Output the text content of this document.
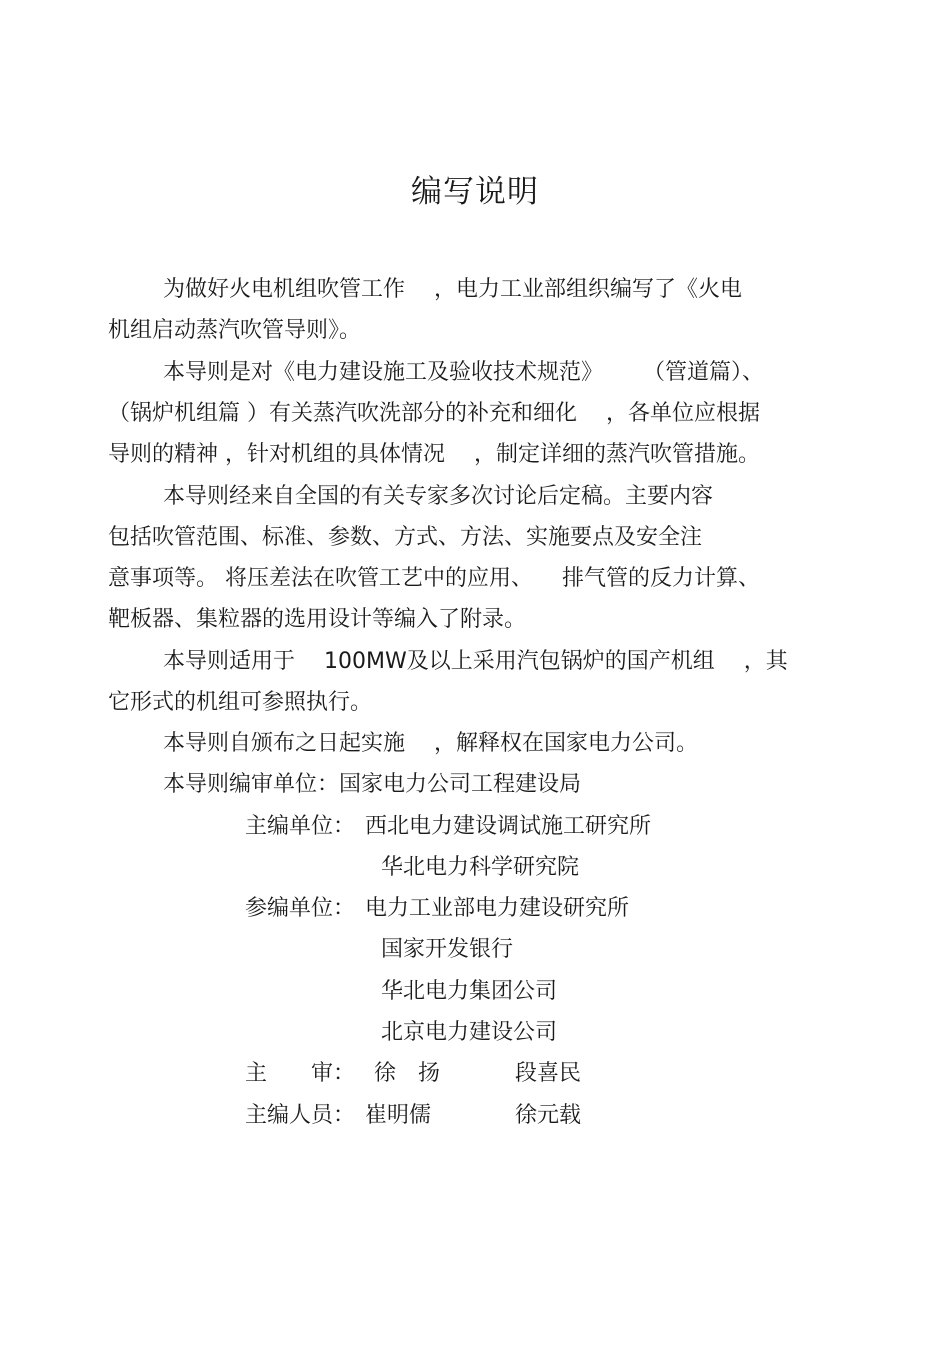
编写说明
为做好火电机组吹管工作 　，电力工业部组织编写了《火电
机组启动蒸汽吹管导则》。
本导则是对《电力建设施工及验收技术规范》 　　（管道篇）、
（锅炉机组篇 ）有关蒸汽吹洗部分的补充和细化 　，各单位应根据
导则的精神 ，针对机组的具体情况 　，制定详细的蒸汽吹管措施。
本导则经来自全国的有关专家多次讨论后定稿。主要内容
包括吹管范围、标准、参数、方式、方法、实施要点及安全注
意事项等。 将压差法在吹管工艺中的应用、 　排气管的反力计算、
靶板器、集粒器的选用设计等编入了附录。
本导则适用于 　100MW及以上采用汽包锅炉的国产机组 　，其
它形式的机组可参照执行。
本导则自颁布之日起实施 　，解释权在国家电力公司。
本导则编审单位：国家电力公司工程建设局
主编单位： 西北电力建设调试施工研究所
华北电力科学研究院
参编单位： 电力工业部电力建设研究所
国家开发银行
华北电力集团公司
北京电力建设公司
主　　审： 徐　扬	段喜民
主编人员： 崔明儒	徐元载
